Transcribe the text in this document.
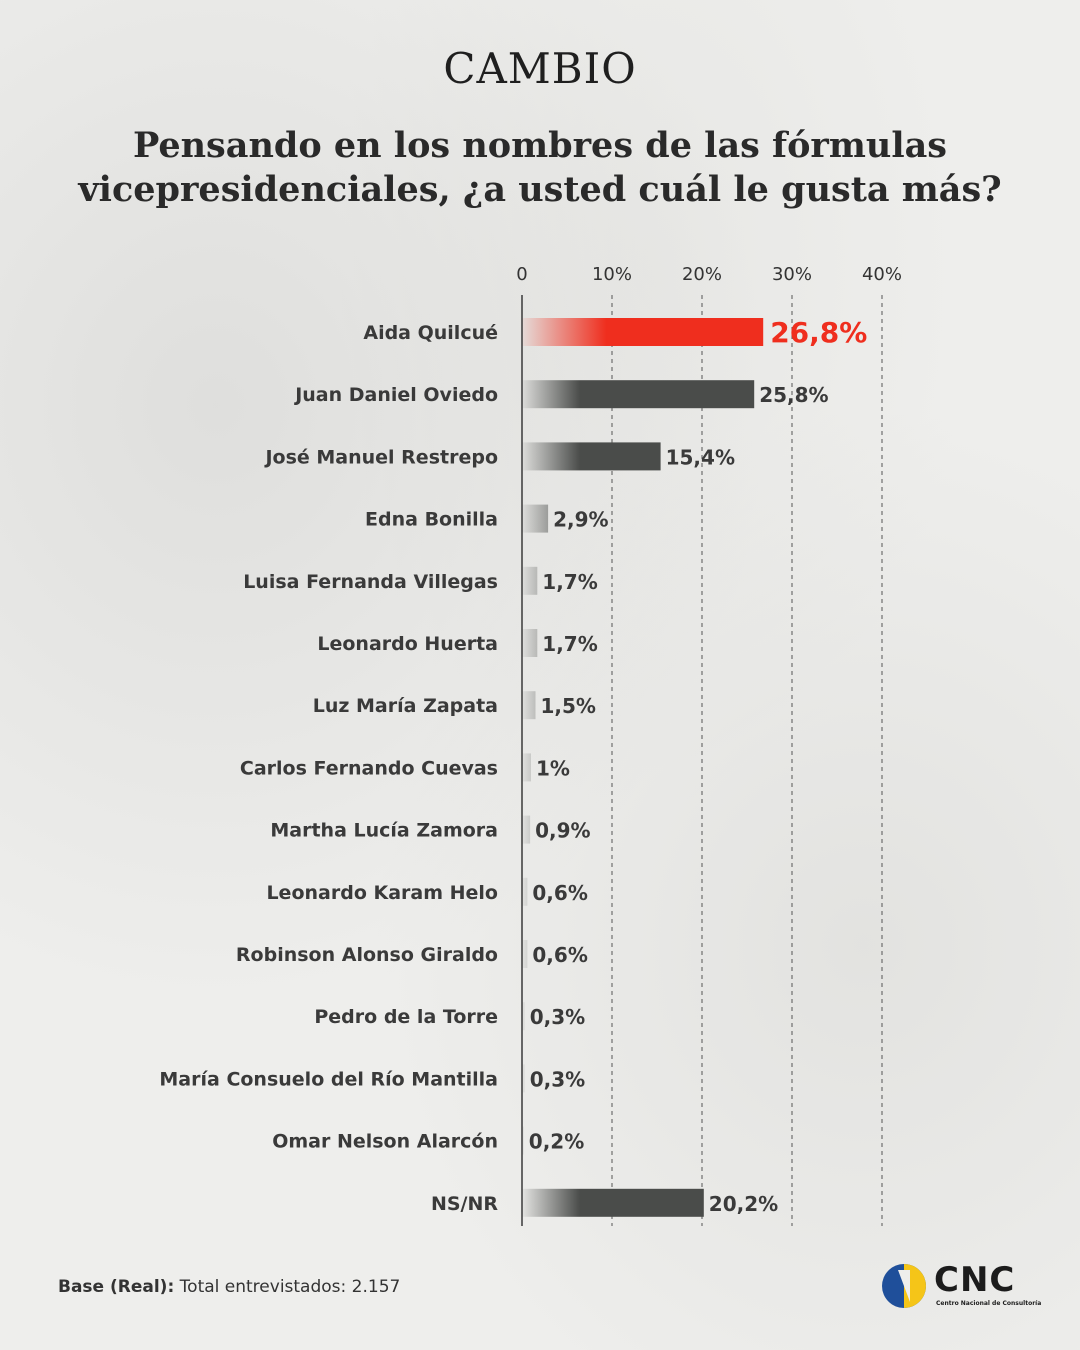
CAMBIO
Pensando en los nombres de las fórmulas
vicepresidenciales, ¿a usted cuál le gusta más?
0	10%	20%	30%	40%
Aida Quilcué
Juan Daniel Oviedo
José Manuel Restrepo
Edna Bonilla
Luisa Fernanda Villegas
Leonardo Huerta
Luz María Zapata
Carlos Fernando Cuevas
Martha Lucía Zamora
Leonardo Karam Helo
Robinson Alonso Giraldo
Pedro de la Torre
María Consuelo del Río Mantilla
Omar Nelson Alarcón
NS/NR
26,8%
25,8%
15,4%
2,9%
1,7%
1,7%
1,5%
1%
0,9%
0,6%
0,6%
0,3%
0,3%
0,2%
20,2%
Base (Real): Total entrevistados: 2.157	CNC
Centro Nacional de Consultoría
